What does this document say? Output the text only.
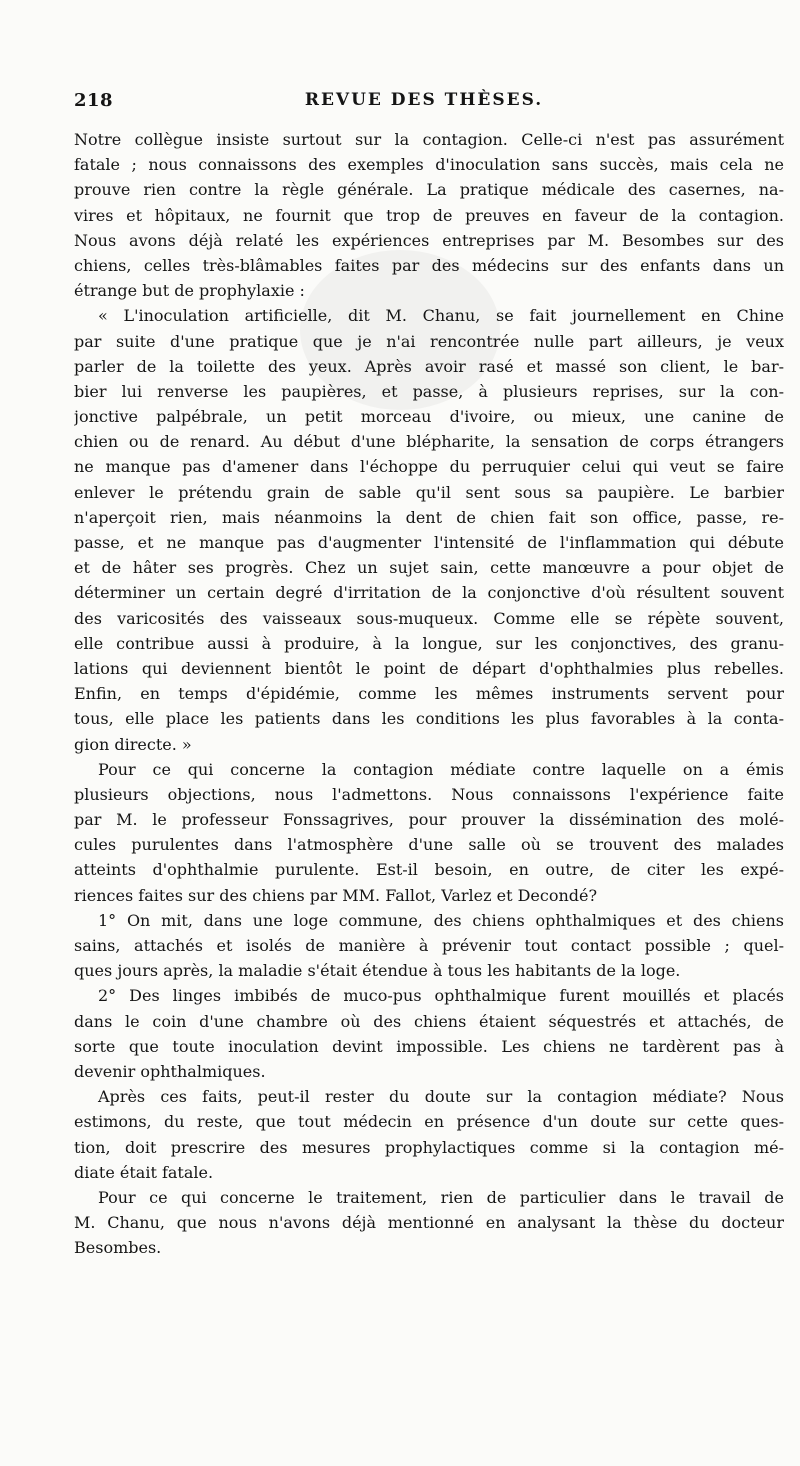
218	REVUE DES THÈSES.
Notre collègue insiste surtout sur la contagion. Celle-ci n'est pas assurément
fatale ; nous connaissons des exemples d'inoculation sans succès, mais cela ne
prouve rien contre la règle générale. La pratique médicale des casernes, na-
vires et hôpitaux, ne fournit que trop de preuves en faveur de la contagion.
Nous avons déjà relaté les expériences entreprises par M. Besombes sur des
chiens, celles très-blâmables faites par des médecins sur des enfants dans un
étrange but de prophylaxie :
« L'inoculation artificielle, dit M. Chanu, se fait journellement en Chine
par suite d'une pratique que je n'ai rencontrée nulle part ailleurs, je veux
parler de la toilette des yeux. Après avoir rasé et massé son client, le bar-
bier lui renverse les paupières, et passe, à plusieurs reprises, sur la con-
jonctive palpébrale, un petit morceau d'ivoire, ou mieux, une canine de
chien ou de renard. Au début d'une blépharite, la sensation de corps étrangers
ne manque pas d'amener dans l'échoppe du perruquier celui qui veut se faire
enlever le prétendu grain de sable qu'il sent sous sa paupière. Le barbier
n'aperçoit rien, mais néanmoins la dent de chien fait son office, passe, re-
passe, et ne manque pas d'augmenter l'intensité de l'inflammation qui débute
et de hâter ses progrès. Chez un sujet sain, cette manœuvre a pour objet de
déterminer un certain degré d'irritation de la conjonctive d'où résultent souvent
des varicosités des vaisseaux sous-muqueux. Comme elle se répète souvent,
elle contribue aussi à produire, à la longue, sur les conjonctives, des granu-
lations qui deviennent bientôt le point de départ d'ophthalmies plus rebelles.
Enfin, en temps d'épidémie, comme les mêmes instruments servent pour
tous, elle place les patients dans les conditions les plus favorables à la conta-
gion directe. »
Pour ce qui concerne la contagion médiate contre laquelle on a émis
plusieurs objections, nous l'admettons. Nous connaissons l'expérience faite
par M. le professeur Fonssagrives, pour prouver la dissémination des molé-
cules purulentes dans l'atmosphère d'une salle où se trouvent des malades
atteints d'ophthalmie purulente. Est-il besoin, en outre, de citer les expé-
riences faites sur des chiens par MM. Fallot, Varlez et Decondé?
1° On mit, dans une loge commune, des chiens ophthalmiques et des chiens
sains, attachés et isolés de manière à prévenir tout contact possible ; quel-
ques jours après, la maladie s'était étendue à tous les habitants de la loge.
2° Des linges imbibés de muco-pus ophthalmique furent mouillés et placés
dans le coin d'une chambre où des chiens étaient séquestrés et attachés, de
sorte que toute inoculation devint impossible. Les chiens ne tardèrent pas à
devenir ophthalmiques.
Après ces faits, peut-il rester du doute sur la contagion médiate? Nous
estimons, du reste, que tout médecin en présence d'un doute sur cette ques-
tion, doit prescrire des mesures prophylactiques comme si la contagion mé-
diate était fatale.
Pour ce qui concerne le traitement, rien de particulier dans le travail de
M. Chanu, que nous n'avons déjà mentionné en analysant la thèse du docteur
Besombes.
